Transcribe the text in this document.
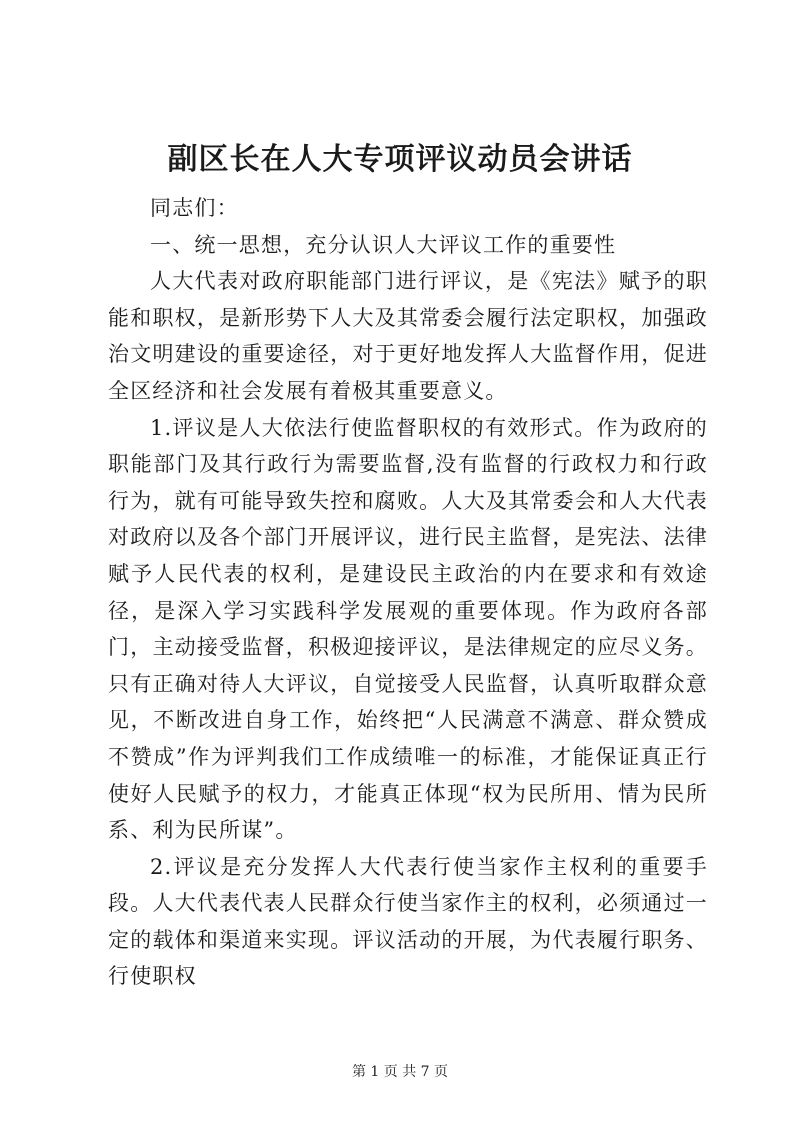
副区长在人大专项评议动员会讲话

同志们：

一、统一思想，充分认识人大评议工作的重要性

人大代表对政府职能部门进行评议，是《宪法》赋予的职能和职权，是新形势下人大及其常委会履行法定职权，加强政治文明建设的重要途径，对于更好地发挥人大监督作用，促进全区经济和社会发展有着极其重要意义。

1.评议是人大依法行使监督职权的有效形式。作为政府的职能部门及其行政行为需要监督,没有监督的行政权力和行政行为，就有可能导致失控和腐败。人大及其常委会和人大代表对政府以及各个部门开展评议，进行民主监督，是宪法、法律赋予人民代表的权利，是建设民主政治的内在要求和有效途径，是深入学习实践科学发展观的重要体现。作为政府各部门，主动接受监督，积极迎接评议，是法律规定的应尽义务。只有正确对待人大评议，自觉接受人民监督，认真听取群众意见，不断改进自身工作，始终把“人民满意不满意、群众赞成不赞成”作为评判我们工作成绩唯一的标准，才能保证真正行使好人民赋予的权力，才能真正体现“权为民所用、情为民所系、利为民所谋”。

2.评议是充分发挥人大代表行使当家作主权利的重要手段。人大代表代表人民群众行使当家作主的权利，必须通过一定的载体和渠道来实现。评议活动的开展，为代表履行职务、行使职权

第 1 页 共 7 页
